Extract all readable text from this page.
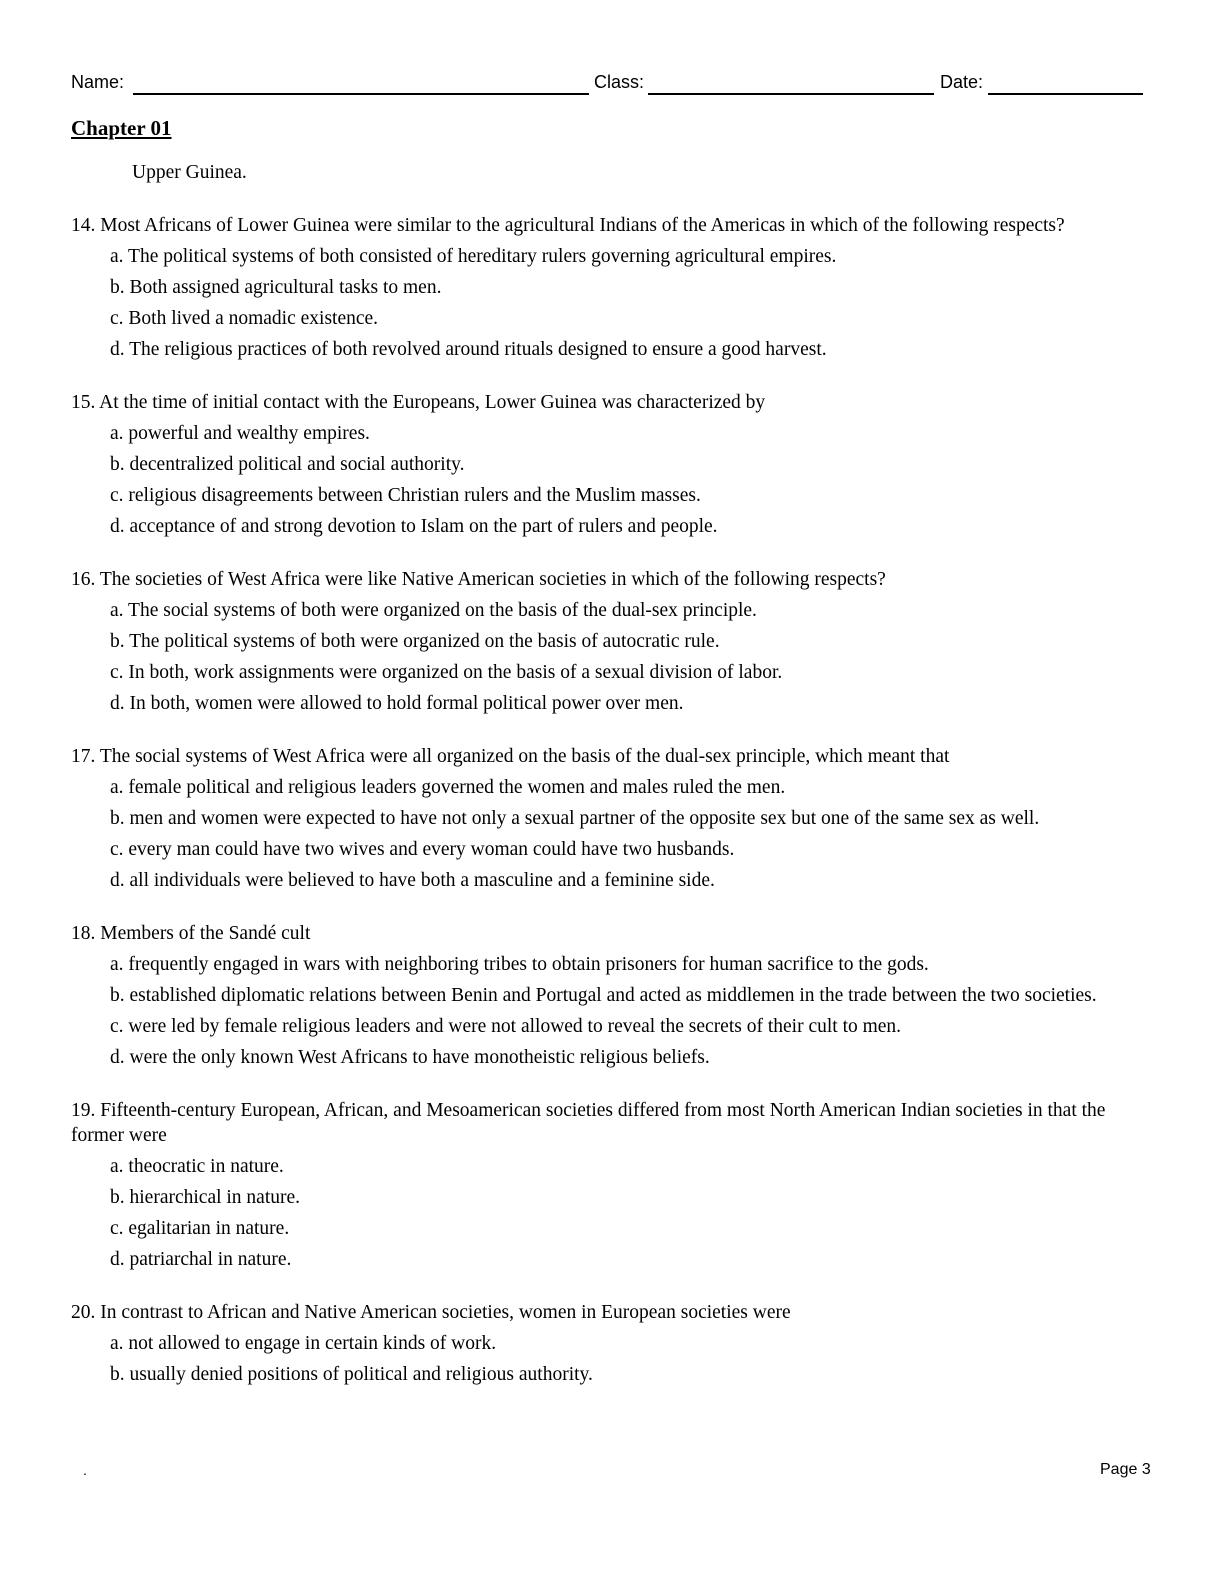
Name:	Class:	Date:
Chapter 01

Upper Guinea.

14. Most Africans of Lower Guinea were similar to the agricultural Indians of the Americas in which of the following respects?

a. The political systems of both consisted of hereditary rulers governing agricultural empires.

b. Both assigned agricultural tasks to men.

c. Both lived a nomadic existence.

d. The religious practices of both revolved around rituals designed to ensure a good harvest.

15. At the time of initial contact with the Europeans, Lower Guinea was characterized by

a. powerful and wealthy empires.

b. decentralized political and social authority.

c. religious disagreements between Christian rulers and the Muslim masses.

d. acceptance of and strong devotion to Islam on the part of rulers and people.

16. The societies of West Africa were like Native American societies in which of the following respects?

a. The social systems of both were organized on the basis of the dual-sex principle.

b. The political systems of both were organized on the basis of autocratic rule.

c. In both, work assignments were organized on the basis of a sexual division of labor.

d. In both, women were allowed to hold formal political power over men.

17. The social systems of West Africa were all organized on the basis of the dual-sex principle, which meant that

a. female political and religious leaders governed the women and males ruled the men.

b. men and women were expected to have not only a sexual partner of the opposite sex but one of the same sex as well.

c. every man could have two wives and every woman could have two husbands.

d. all individuals were believed to have both a masculine and a feminine side.

18. Members of the Sandé cult

a. frequently engaged in wars with neighboring tribes to obtain prisoners for human sacrifice to the gods.

b. established diplomatic relations between Benin and Portugal and acted as middlemen in the trade between the two societies.

c. were led by female religious leaders and were not allowed to reveal the secrets of their cult to men.

d. were the only known West Africans to have monotheistic religious beliefs.

19. Fifteenth-century European, African, and Mesoamerican societies differed from most North American Indian societies in that the former were

a. theocratic in nature.

b. hierarchical in nature.

c. egalitarian in nature.

d. patriarchal in nature.

20. In contrast to African and Native American societies, women in European societies were

a. not allowed to engage in certain kinds of work.

b. usually denied positions of political and religious authority.

.	Page 3
